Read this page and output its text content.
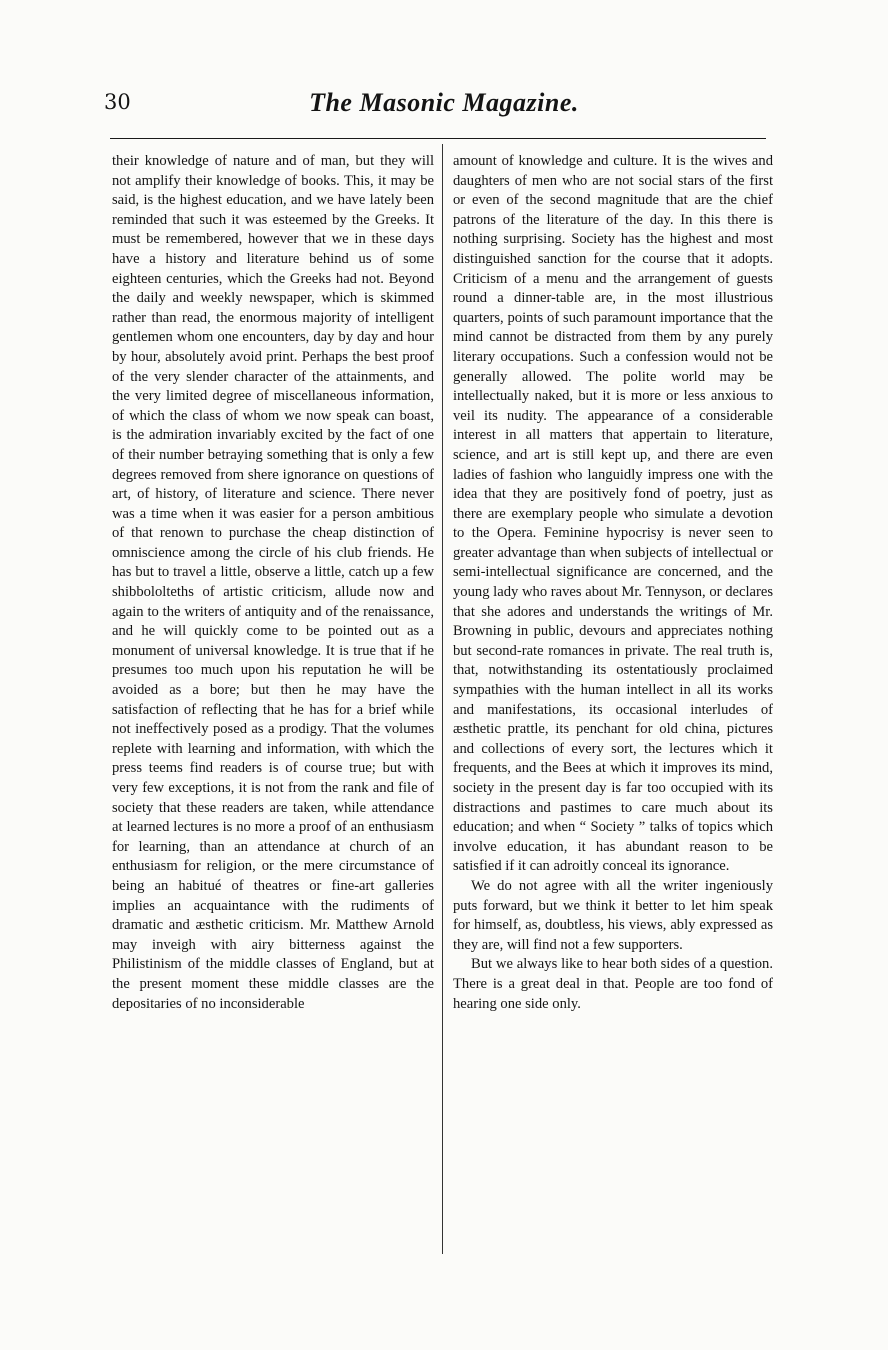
30	The Masonic Magazine.

their knowledge of nature and of man, but they will not amplify their knowledge of books. This, it may be said, is the highest education, and we have lately been reminded that such it was esteemed by the Greeks. It must be remembered, however that we in these days have a history and literature behind us of some eighteen centuries, which the Greeks had not. Beyond the daily and weekly newspaper, which is skimmed rather than read, the enormous majority of intelligent gentlemen whom one encounters, day by day and hour by hour, absolutely avoid print. Perhaps the best proof of the very slender character of the attainments, and the very limited degree of miscellaneous information, of which the class of whom we now speak can boast, is the admiration invariably excited by the fact of one of their number betraying something that is only a few degrees removed from shere ignorance on questions of art, of history, of literature and science. There never was a time when it was easier for a person ambitious of that renown to purchase the cheap distinction of omniscience among the circle of his club friends. He has but to travel a little, observe a little, catch up a few shibbololteths of artistic criticism, allude now and again to the writers of antiquity and of the renaissance, and he will quickly come to be pointed out as a monument of universal knowledge. It is true that if he presumes too much upon his reputation he will be avoided as a bore; but then he may have the satisfaction of reflecting that he has for a brief while not ineffectively posed as a prodigy. That the volumes replete with learning and information, with which the press teems find readers is of course true; but with very few exceptions, it is not from the rank and file of society that these readers are taken, while attendance at learned lectures is no more a proof of an enthusiasm for learning, than an attendance at church of an enthusiasm for religion, or the mere circumstance of being an habitué of theatres or fine-art galleries implies an acquaintance with the rudiments of dramatic and æsthetic criticism. Mr. Matthew Arnold may inveigh with airy bitterness against the Philistinism of the middle classes of England, but at the present moment these middle classes are the depositaries of no inconsiderable

amount of knowledge and culture. It is the wives and daughters of men who are not social stars of the first or even of the second magnitude that are the chief patrons of the literature of the day. In this there is nothing surprising. Society has the highest and most distinguished sanction for the course that it adopts. Criticism of a menu and the arrangement of guests round a dinner-table are, in the most illustrious quarters, points of such paramount importance that the mind cannot be distracted from them by any purely literary occupations. Such a confession would not be generally allowed. The polite world may be intellectually naked, but it is more or less anxious to veil its nudity. The appearance of a considerable interest in all matters that appertain to literature, science, and art is still kept up, and there are even ladies of fashion who languidly impress one with the idea that they are positively fond of poetry, just as there are exemplary people who simulate a devotion to the Opera. Feminine hypocrisy is never seen to greater advantage than when subjects of intellectual or semi-intellectual significance are concerned, and the young lady who raves about Mr. Tennyson, or declares that she adores and understands the writings of Mr. Browning in public, devours and appreciates nothing but second-rate romances in private. The real truth is, that, notwithstanding its ostentatiously proclaimed sympathies with the human intellect in all its works and manifestations, its occasional interludes of æsthetic prattle, its penchant for old china, pictures and collections of every sort, the lectures which it frequents, and the Bees at which it improves its mind, society in the present day is far too occupied with its distractions and pastimes to care much about its education; and when “ Society ” talks of topics which involve education, it has abundant reason to be satisfied if it can adroitly conceal its ignorance.

We do not agree with all the writer ingeniously puts forward, but we think it better to let him speak for himself, as, doubtless, his views, ably expressed as they are, will find not a few supporters.

But we always like to hear both sides of a question. There is a great deal in that. People are too fond of hearing one side only.
